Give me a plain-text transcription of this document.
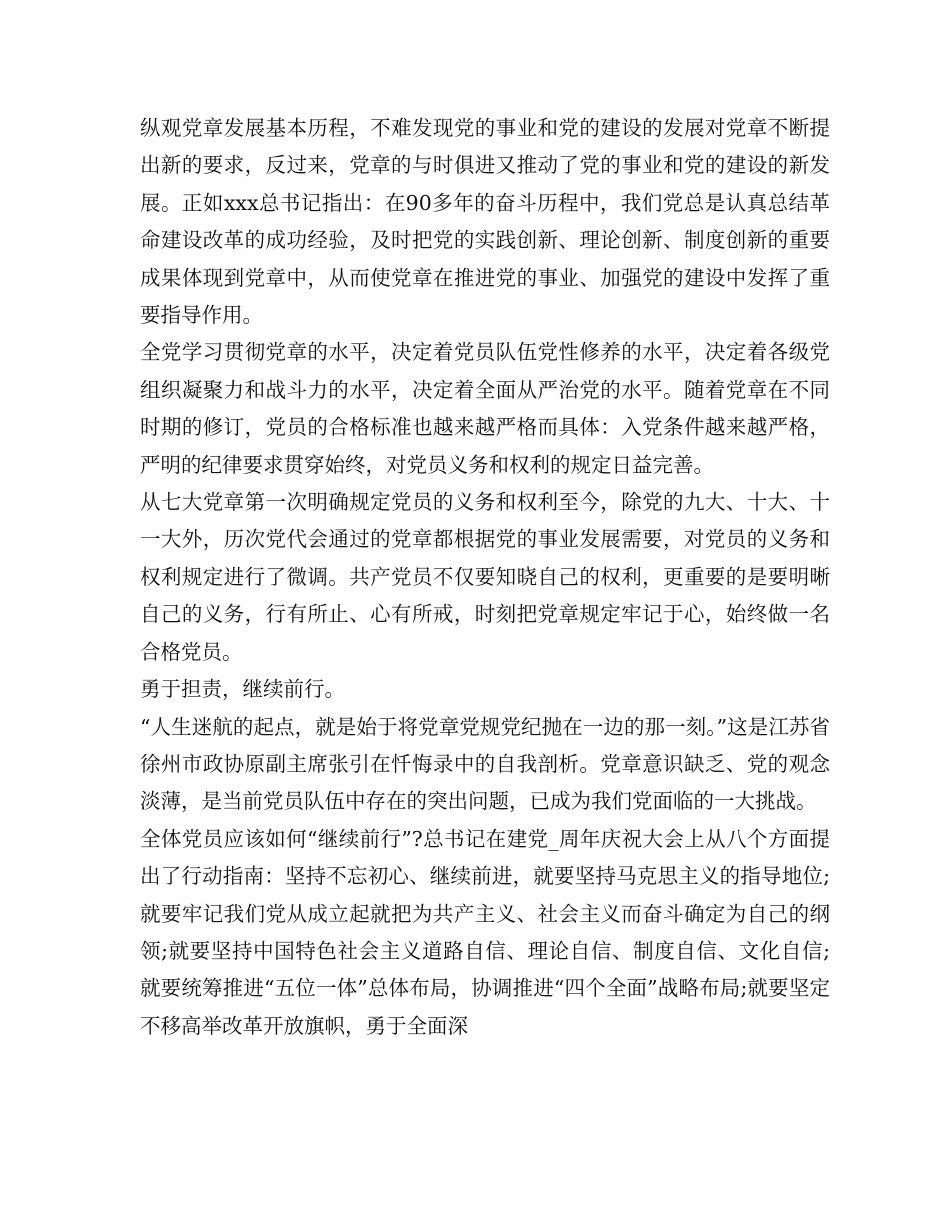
纵观党章发展基本历程，不难发现党的事业和党的建设的发展对党章不断提出新的要求，反过来，党章的与时俱进又推动了党的事业和党的建设的新发展。正如xxx总书记指出：在90多年的奋斗历程中，我们党总是认真总结革命建设改革的成功经验，及时把党的实践创新、理论创新、制度创新的重要成果体现到党章中，从而使党章在推进党的事业、加强党的建设中发挥了重要指导作用。

全党学习贯彻党章的水平，决定着党员队伍党性修养的水平，决定着各级党组织凝聚力和战斗力的水平，决定着全面从严治党的水平。随着党章在不同时期的修订，党员的合格标准也越来越严格而具体：入党条件越来越严格，严明的纪律要求贯穿始终，对党员义务和权利的规定日益完善。

从七大党章第一次明确规定党员的义务和权利至今，除党的九大、十大、十一大外，历次党代会通过的党章都根据党的事业发展需要，对党员的义务和权利规定进行了微调。共产党员不仅要知晓自己的权利，更重要的是要明晰自己的义务，行有所止、心有所戒，时刻把党章规定牢记于心，始终做一名合格党员。

勇于担责，继续前行。

“人生迷航的起点，就是始于将党章党规党纪抛在一边的那一刻。”这是江苏省徐州市政协原副主席张引在忏悔录中的自我剖析。党章意识缺乏、党的观念淡薄，是当前党员队伍中存在的突出问题，已成为我们党面临的一大挑战。

全体党员应该如何“继续前行”?总书记在建党_周年庆祝大会上从八个方面提出了行动指南：坚持不忘初心、继续前进，就要坚持马克思主义的指导地位;就要牢记我们党从成立起就把为共产主义、社会主义而奋斗确定为自己的纲领;就要坚持中国特色社会主义道路自信、理论自信、制度自信、文化自信;就要统筹推进“五位一体”总体布局，协调推进“四个全面”战略布局;就要坚定不移高举改革开放旗帜，勇于全面深
